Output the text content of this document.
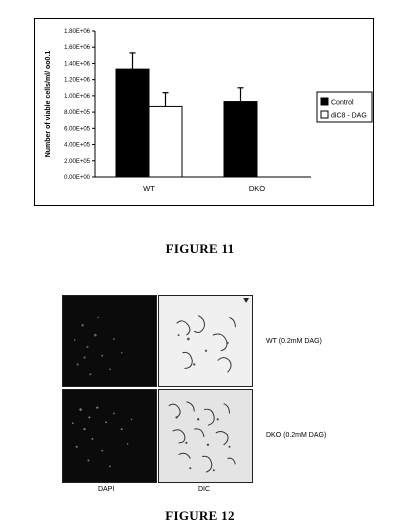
0.00E+00
2.00E+05
4.00E+05
6.00E+05
8.00E+05
1.00E+06
1.20E+06
1.40E+06
1.60E+06
1.80E+06
Number of viable cells/ml/ oo0.1
WT	DKO
Control
diC8 - DAG
FIGURE 11
WT (0.2mM DAG)
DKO (0.2mM DAG)
DAPI	DIC
FIGURE 12
